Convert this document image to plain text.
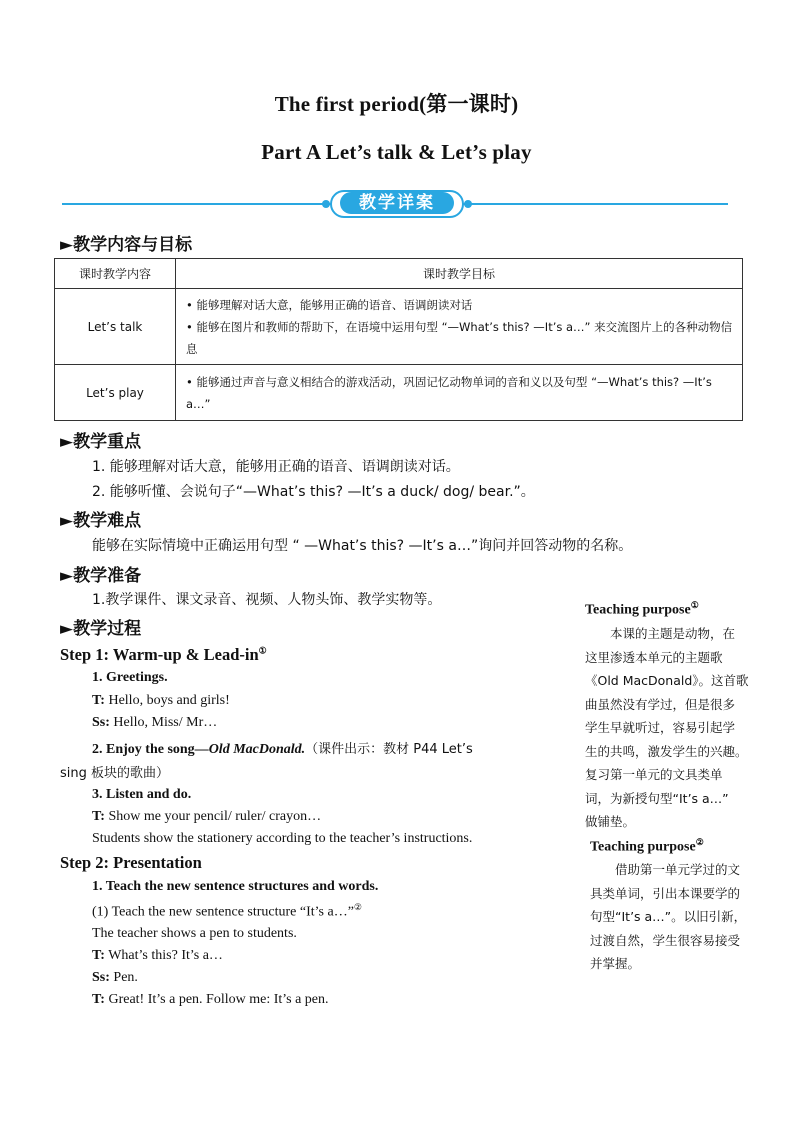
The first period(第一课时)
Part A Let’s talk & Let’s play
教学详案
►教学内容与目标
课时教学内容	课时教学目标
Let’s talk	• 能够理解对话大意，能够用正确的语音、语调朗读对话
• 能够在图片和教师的帮助下，在语境中运用句型 “—What’s this? —It’s a…” 来交流图片上的各种动物信息

Let’s play	• 能够通过声音与意义相结合的游戏活动，巩固记忆动物单词的音和义以及句型 “—What’s this? —It’s a…”
►教学重点
1. 能够理解对话大意，能够用正确的语音、语调朗读对话。
2. 能够听懂、会说句子“—What’s this? —It’s a duck/ dog/ bear.”。
►教学难点
能够在实际情境中正确运用句型 “ —What’s this? —It’s a…”询问并回答动物的名称。
►教学准备
1.教学课件、课文录音、视频、人物头饰、教学实物等。
►教学过程
Step 1: Warm-up & Lead-in①
1. Greetings.
T: Hello, boys and girls!
Ss: Hello, Miss/ Mr…
2. Enjoy the song—Old MacDonald.（课件出示：教材 P44 Let’s
sing 板块的歌曲）
3. Listen and do.
T: Show me your pencil/ ruler/ crayon…
Students show the stationery according to the teacher’s instructions.
Step 2: Presentation
1. Teach the new sentence structures and words.
(1) Teach the new sentence structure “It’s a…”②
The teacher shows a pen to students.
T: What’s this? It’s a…
Ss: Pen.
T: Great! It’s a pen. Follow me: It’s a pen.
Teaching purpose①
　　本课的主题是动物，在
这里渗透本单元的主题歌
《Old MacDonald》。这首歌
曲虽然没有学过，但是很多
学生早就听过，容易引起学
生的共鸣，激发学生的兴趣。
复习第一单元的文具类单
词，为新授句型“It’s a…”
做铺垫。
Teaching purpose②
　　借助第一单元学过的文
具类单词，引出本课要学的
句型“It’s a…”。以旧引新，
过渡自然，学生很容易接受
并掌握。
